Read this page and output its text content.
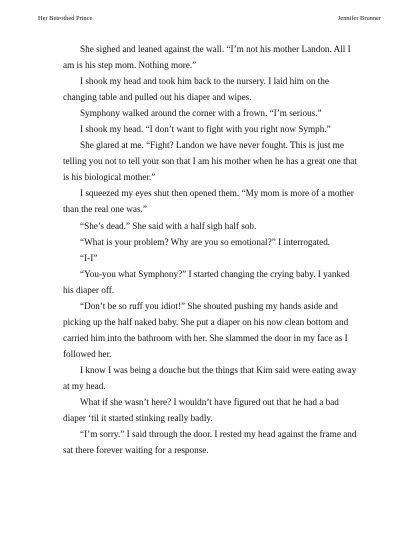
Her Betrothed Prince	Jennifer Brunner

She sighed and leaned against the wall. “I’m not his mother Landon. All I am is his step mom. Nothing more.”

I shook my head and took him back to the nursery. I laid him on the changing table and pulled out his diaper and wipes.

Symphony walked around the corner with a frown. “I’m serious.”

I shook my head. “I don’t want to fight with you right now Symph.”

She glared at me. “Fight? Landon we have never fought. This is just me telling you not to tell your son that I am his mother when he has a great one that is his biological mother.”

I squeezed my eyes shut then opened them. “My mom is more of a mother than the real one was.”

“She’s dead.” She said with a half sigh half sob.

“What is your problem? Why are you so emotional?” I interrogated.

“I-I”

“You-you what Symphony?” I started changing the crying baby. I yanked his diaper off.

“Don’t be so ruff you idiot!” She shouted pushing my hands aside and picking up the half naked baby. She put a diaper on his now clean bottom and carried him into the bathroom with her. She slammed the door in my face as I followed her.

I know I was being a douche but the things that Kim said were eating away at my head.

What if she wasn’t here? I wouldn’t have figured out that he had a bad diaper ‘til it started stinking really badly.

“I’m sorry.” I said through the door. I rested my head against the frame and sat there forever waiting for a response.
